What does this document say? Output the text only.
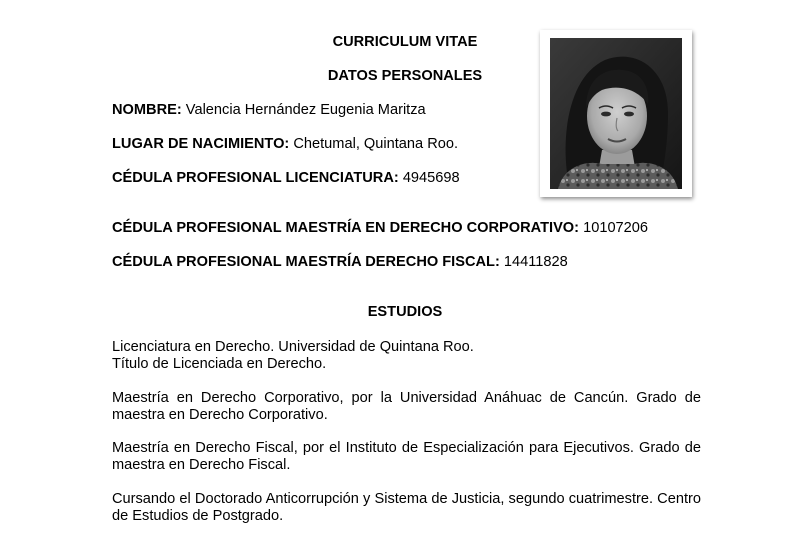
CURRICULUM VITAE
DATOS PERSONALES
NOMBRE: Valencia Hernández Eugenia Maritza
LUGAR DE NACIMIENTO: Chetumal, Quintana Roo.
CÉDULA PROFESIONAL LICENCIATURA: 4945698
CÉDULA PROFESIONAL MAESTRÍA EN DERECHO CORPORATIVO: 10107206
CÉDULA PROFESIONAL MAESTRÍA DERECHO FISCAL: 14411828
ESTUDIOS

Licenciatura en Derecho. Universidad de Quintana Roo.

Título de Licenciada en Derecho.

Maestría en Derecho Corporativo, por la Universidad Anáhuac de Cancún. Grado de

maestra en Derecho Corporativo.

Maestría en Derecho Fiscal, por el Instituto de Especialización para Ejecutivos. Grado de

maestra en Derecho Fiscal.

Cursando el Doctorado Anticorrupción y Sistema de Justicia, segundo cuatrimestre. Centro

de Estudios de Postgrado.
